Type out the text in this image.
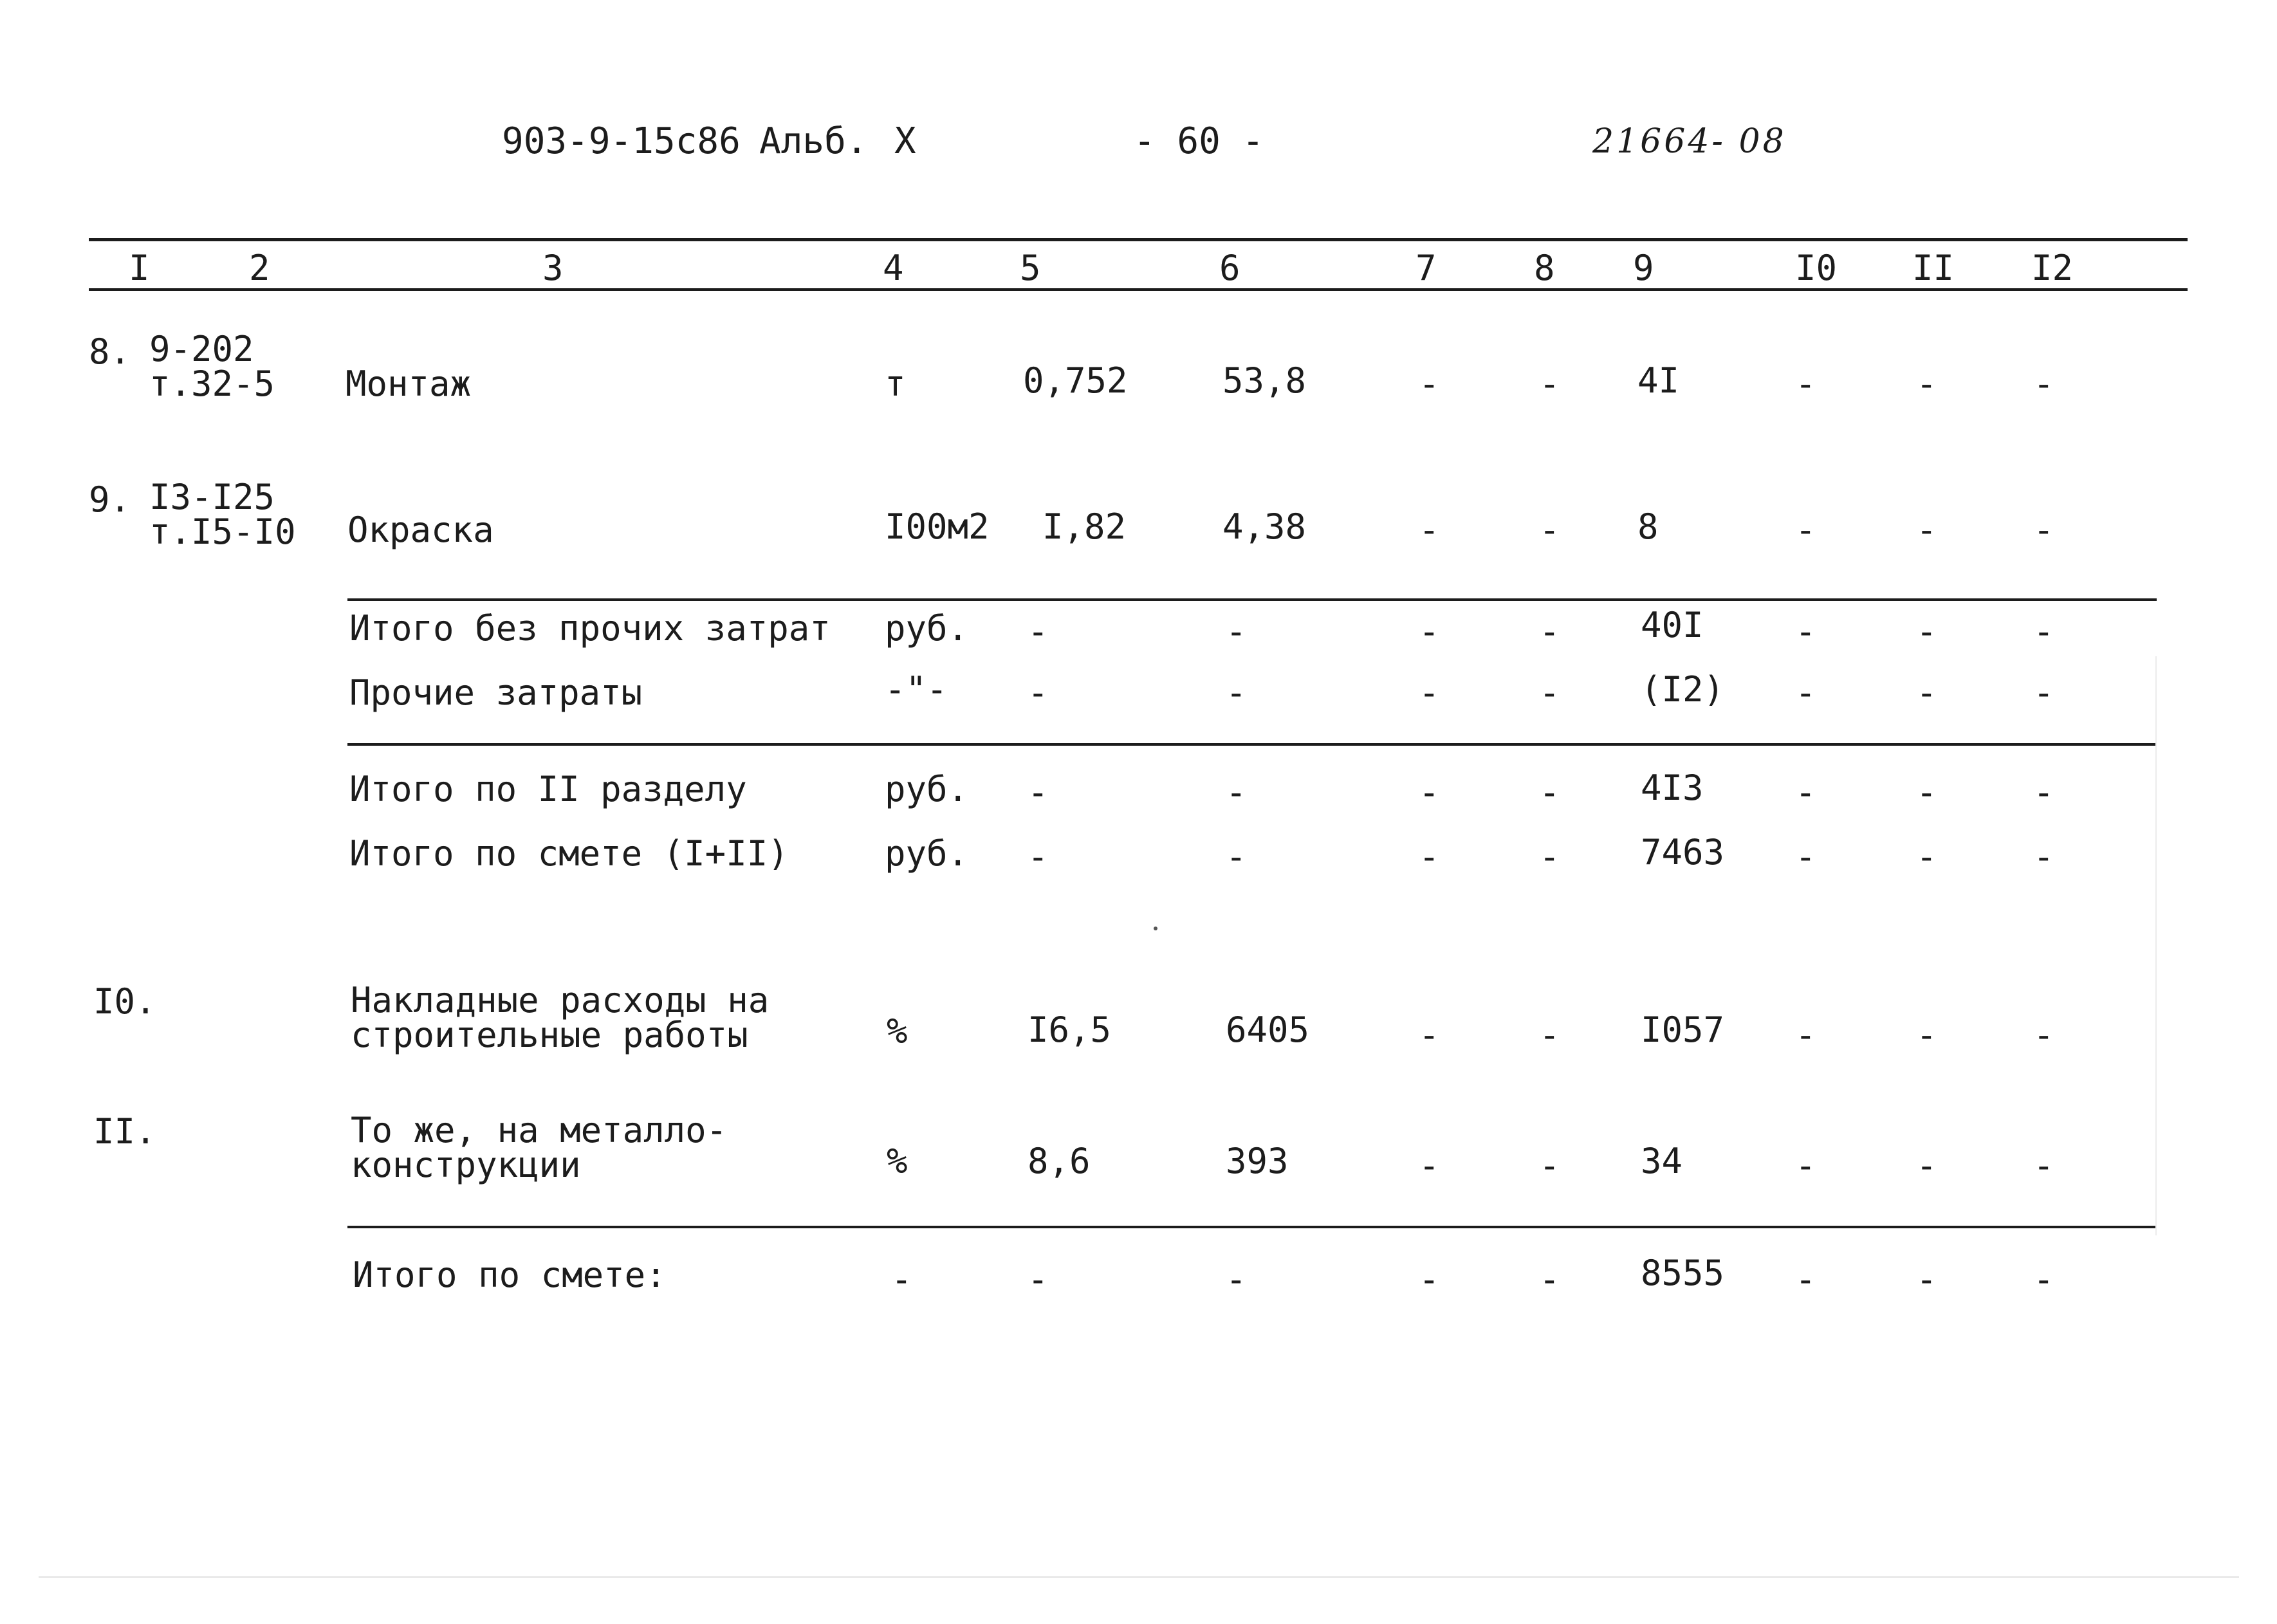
903-9-15с86 Альб. X	- 60 -	21664- 08
I	2	3	4	5	6	7	8 9	I0 II I2
8. 9-202
т.32-5 Монтаж	т	0,752	53,8	-	- 4I	-	-	-
9. I3-I25
т.I5-I0 Окраска	I00м2 I,82	4,38	-	- 8	-	-	-
Итого без прочих затрат руб. -	-	-	- 40I	-	-	-
Прочие затраты	-"- -	-	-	- (I2) -	-	-
Итого по II разделу	руб. -	-	-	- 4I3	-	-	-
Итого по смете (I+II)	руб. -	-	-	- 7463 -	-	-
I0.	Накладные расходы на
строительные работы	%	I6,5	6405	-	- I057 -	-	-
II.	То же, на металло-
конструкции	%	8,6	393	-	- 34	-	-	-
Итого по смете:	-	-	-	-	- 8555 -	-	-
